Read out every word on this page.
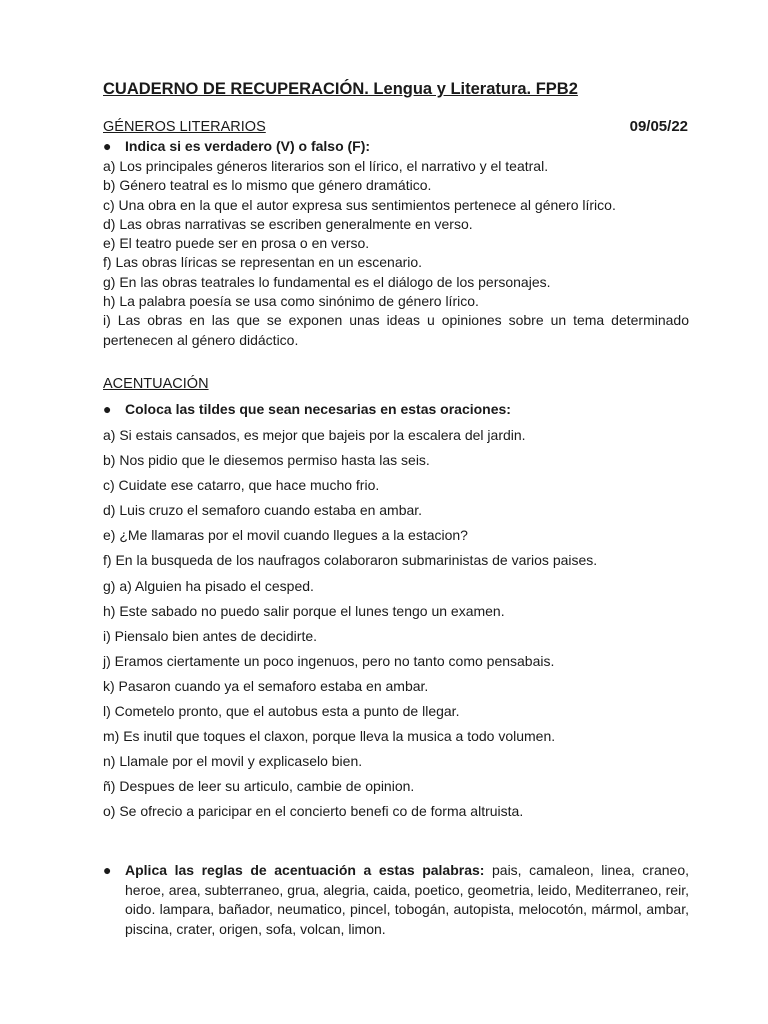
CUADERNO DE RECUPERACIÓN. Lengua y Literatura. FPB2
GÉNEROS LITERARIOS	09/05/22
● Indica si es verdadero (V) o falso (F):
a) Los principales géneros literarios son el lírico, el narrativo y el teatral.
b) Género teatral es lo mismo que género dramático.
c) Una obra en la que el autor expresa sus sentimientos pertenece al género lírico.
d) Las obras narrativas se escriben generalmente en verso.
e) El teatro puede ser en prosa o en verso.
f) Las obras líricas se representan en un escenario.
g) En las obras teatrales lo fundamental es el diálogo de los personajes.
h) La palabra poesía se usa como sinónimo de género lírico.
i) Las obras en las que se exponen unas ideas u opiniones sobre un tema determinado pertenecen al género didáctico.
ACENTUACIÓN
● Coloca las tildes que sean necesarias en estas oraciones:
a) Si estais cansados, es mejor que bajeis por la escalera del jardin.
b) Nos pidio que le diesemos permiso hasta las seis.
c) Cuidate ese catarro, que hace mucho frio.
d) Luis cruzo el semaforo cuando estaba en ambar.
e) ¿Me llamaras por el movil cuando llegues a la estacion?
f) En la busqueda de los naufragos colaboraron submarinistas de varios paises.
g) a) Alguien ha pisado el cesped.
h) Este sabado no puedo salir porque el lunes tengo un examen.
i) Piensalo bien antes de decidirte.
j) Eramos ciertamente un poco ingenuos, pero no tanto como pensabais.
k) Pasaron cuando ya el semaforo estaba en ambar.
l) Cometelo pronto, que el autobus esta a punto de llegar.
m) Es inutil que toques el claxon, porque lleva la musica a todo volumen.
n) Llamale por el movil y explicaselo bien.
ñ) Despues de leer su articulo, cambie de opinion.
o) Se ofrecio a paricipar en el concierto benefi co de forma altruista.
● Aplica las reglas de acentuación a estas palabras: pais, camaleon, linea, craneo, heroe, area, subterraneo, grua, alegria, caida, poetico, geometria, leido, Mediterraneo, reir, oido. lampara, bañador, neumatico, pincel, tobogán, autopista, melocotón, mármol, ambar, piscina, crater, origen, sofa, volcan, limon.
